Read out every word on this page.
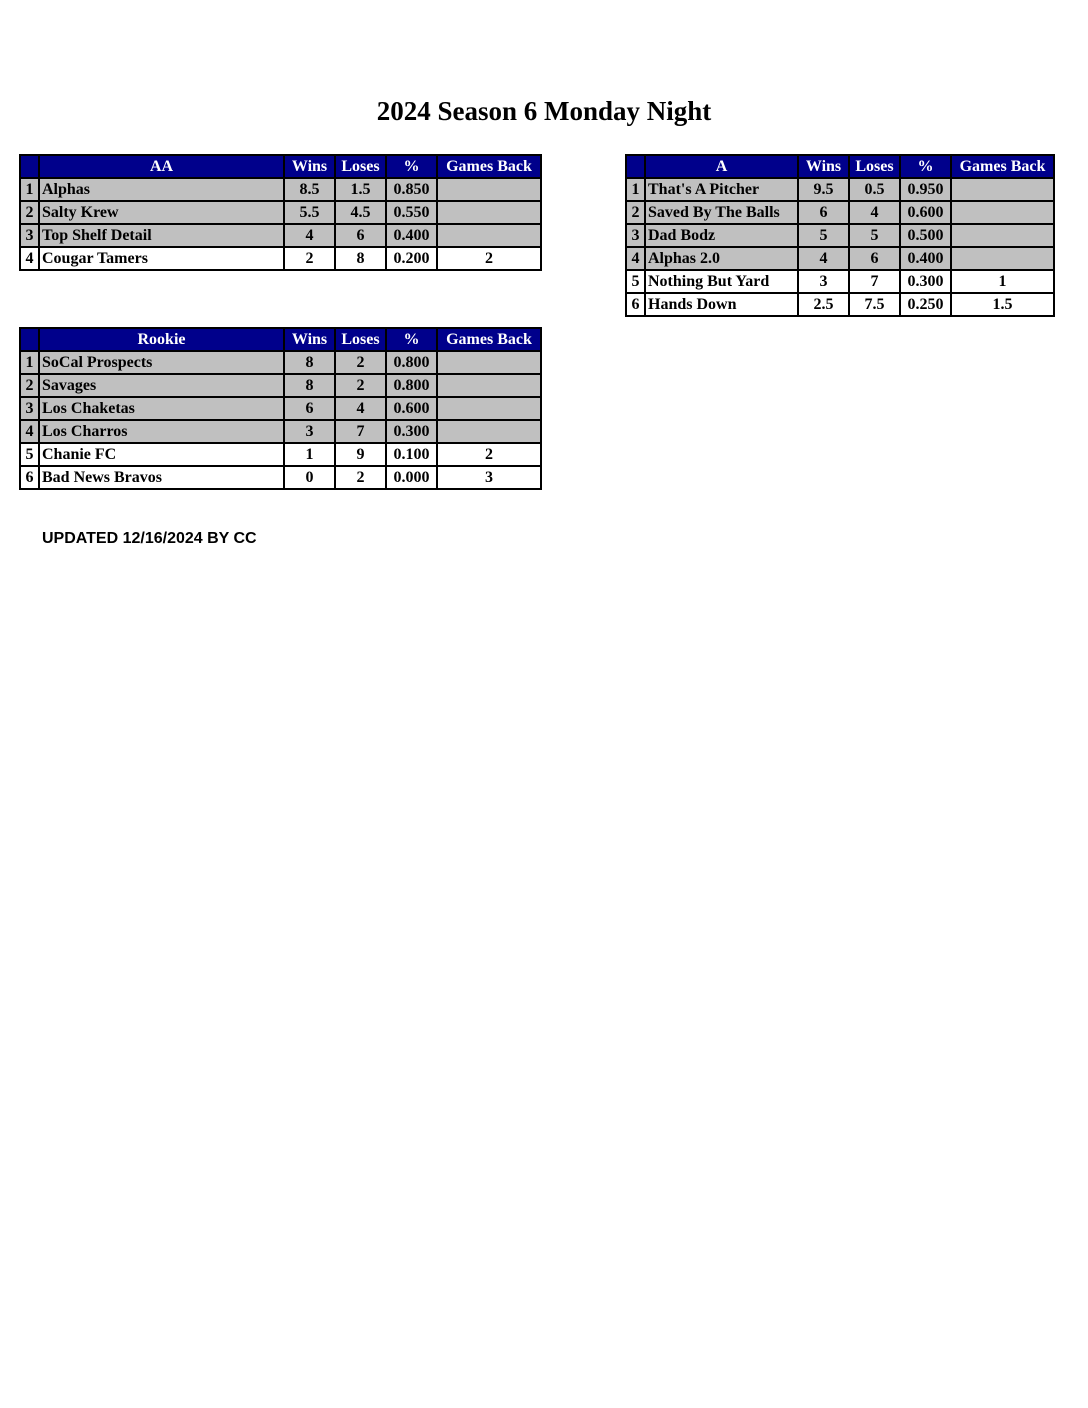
2024 Season 6 Monday Night
	AA	Wins	Loses	%	Games Back
1	Alphas	8.5	1.5	0.850	
2	Salty Krew	5.5	4.5	0.550	
3	Top Shelf Detail	4	6	0.400	
4	Cougar Tamers	2	8	0.200	2
	A	Wins	Loses	%	Games Back
1	That's A Pitcher	9.5	0.5	0.950	
2	Saved By The Balls	6	4	0.600	
3	Dad Bodz	5	5	0.500	
4	Alphas 2.0	4	6	0.400	
5	Nothing But Yard	3	7	0.300	1
6	Hands Down	2.5	7.5	0.250	1.5
	Rookie	Wins	Loses	%	Games Back
1	SoCal Prospects	8	2	0.800	
2	Savages	8	2	0.800	
3	Los Chaketas	6	4	0.600	
4	Los Charros	3	7	0.300	
5	Chanie FC	1	9	0.100	2
6	Bad News Bravos	0	2	0.000	3
UPDATED 12/16/2024 BY CC
